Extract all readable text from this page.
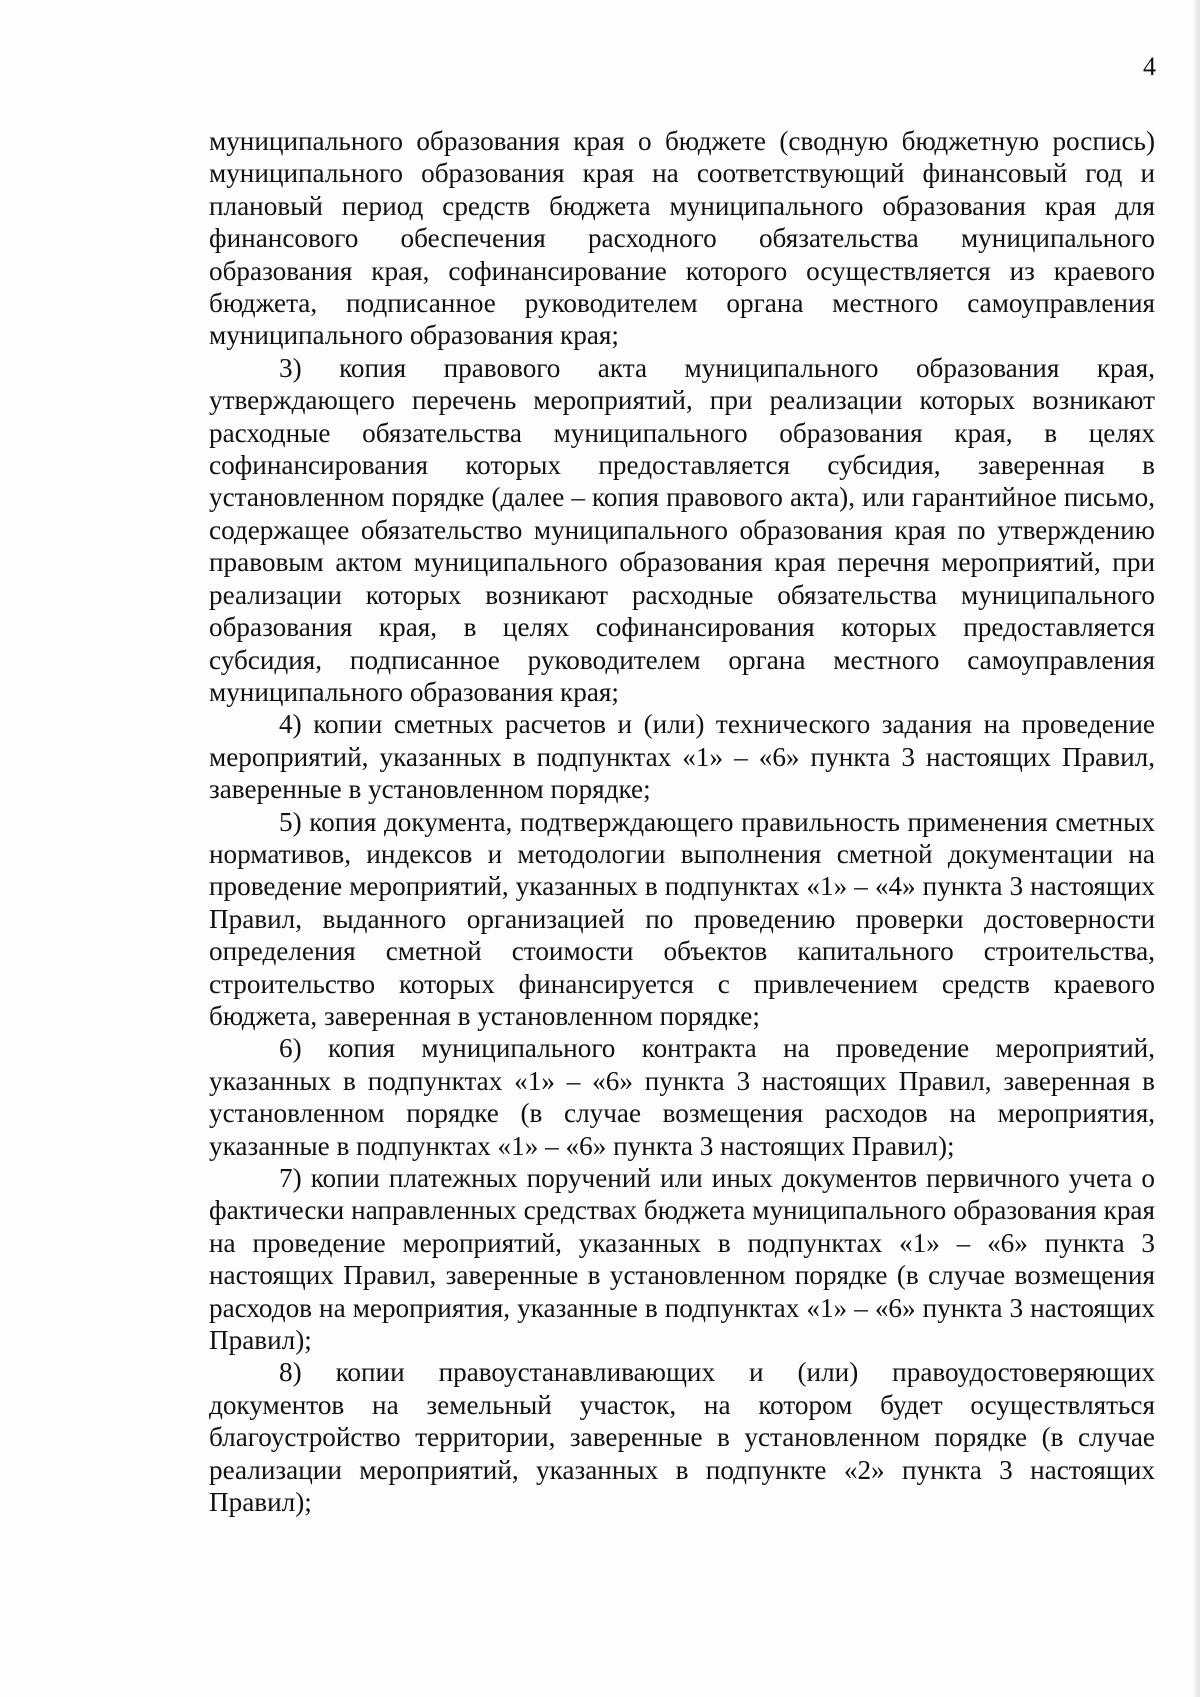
4

муниципального образования края о бюджете (сводную бюджетную роспись) муниципального образования края на соответствующий финансовый год и плановый период средств бюджета муниципального образования края для финансового обеспечения расходного обязательства муниципального образования края, софинансирование которого осуществляется из краевого бюджета, подписанное руководителем органа местного самоуправления муниципального образования края;

3) копия правового акта муниципального образования края, утверждающего перечень мероприятий, при реализации которых возникают расходные обязательства муниципального образования края, в целях софинансирования которых предоставляется субсидия, заверенная в установленном порядке (далее – копия правового акта), или гарантийное письмо, содержащее обязательство муниципального образования края по утверждению правовым актом муниципального образования края перечня мероприятий, при реализации которых возникают расходные обязательства муниципального образования края, в целях софинансирования которых предоставляется субсидия, подписанное руководителем органа местного самоуправления муниципального образования края;

4) копии сметных расчетов и (или) технического задания на проведение мероприятий, указанных в подпунктах «1» – «6» пункта 3 настоящих Правил, заверенные в установленном порядке;

5) копия документа, подтверждающего правильность применения сметных нормативов, индексов и методологии выполнения сметной документации на проведение мероприятий, указанных в подпунктах «1» – «4» пункта 3 настоящих Правил, выданного организацией по проведению проверки достоверности определения сметной стоимости объектов капитального строительства, строительство которых финансируется с привлечением средств краевого бюджета, заверенная в установленном порядке;

6) копия муниципального контракта на проведение мероприятий, указанных в подпунктах «1» – «6» пункта 3 настоящих Правил, заверенная в установленном порядке (в случае возмещения расходов на мероприятия, указанные в подпунктах «1» – «6» пункта 3 настоящих Правил);

7) копии платежных поручений или иных документов первичного учета о фактически направленных средствах бюджета муниципального образования края на проведение мероприятий, указанных в подпунктах «1» – «6» пункта 3 настоящих Правил, заверенные в установленном порядке (в случае возмещения расходов на мероприятия, указанные в подпунктах «1» – «6» пункта 3 настоящих Правил);

8) копии правоустанавливающих и (или) правоудостоверяющих документов на земельный участок, на котором будет осуществляться благоустройство территории, заверенные в установленном порядке (в случае реализации мероприятий, указанных в подпункте «2» пункта 3 настоящих Правил);
